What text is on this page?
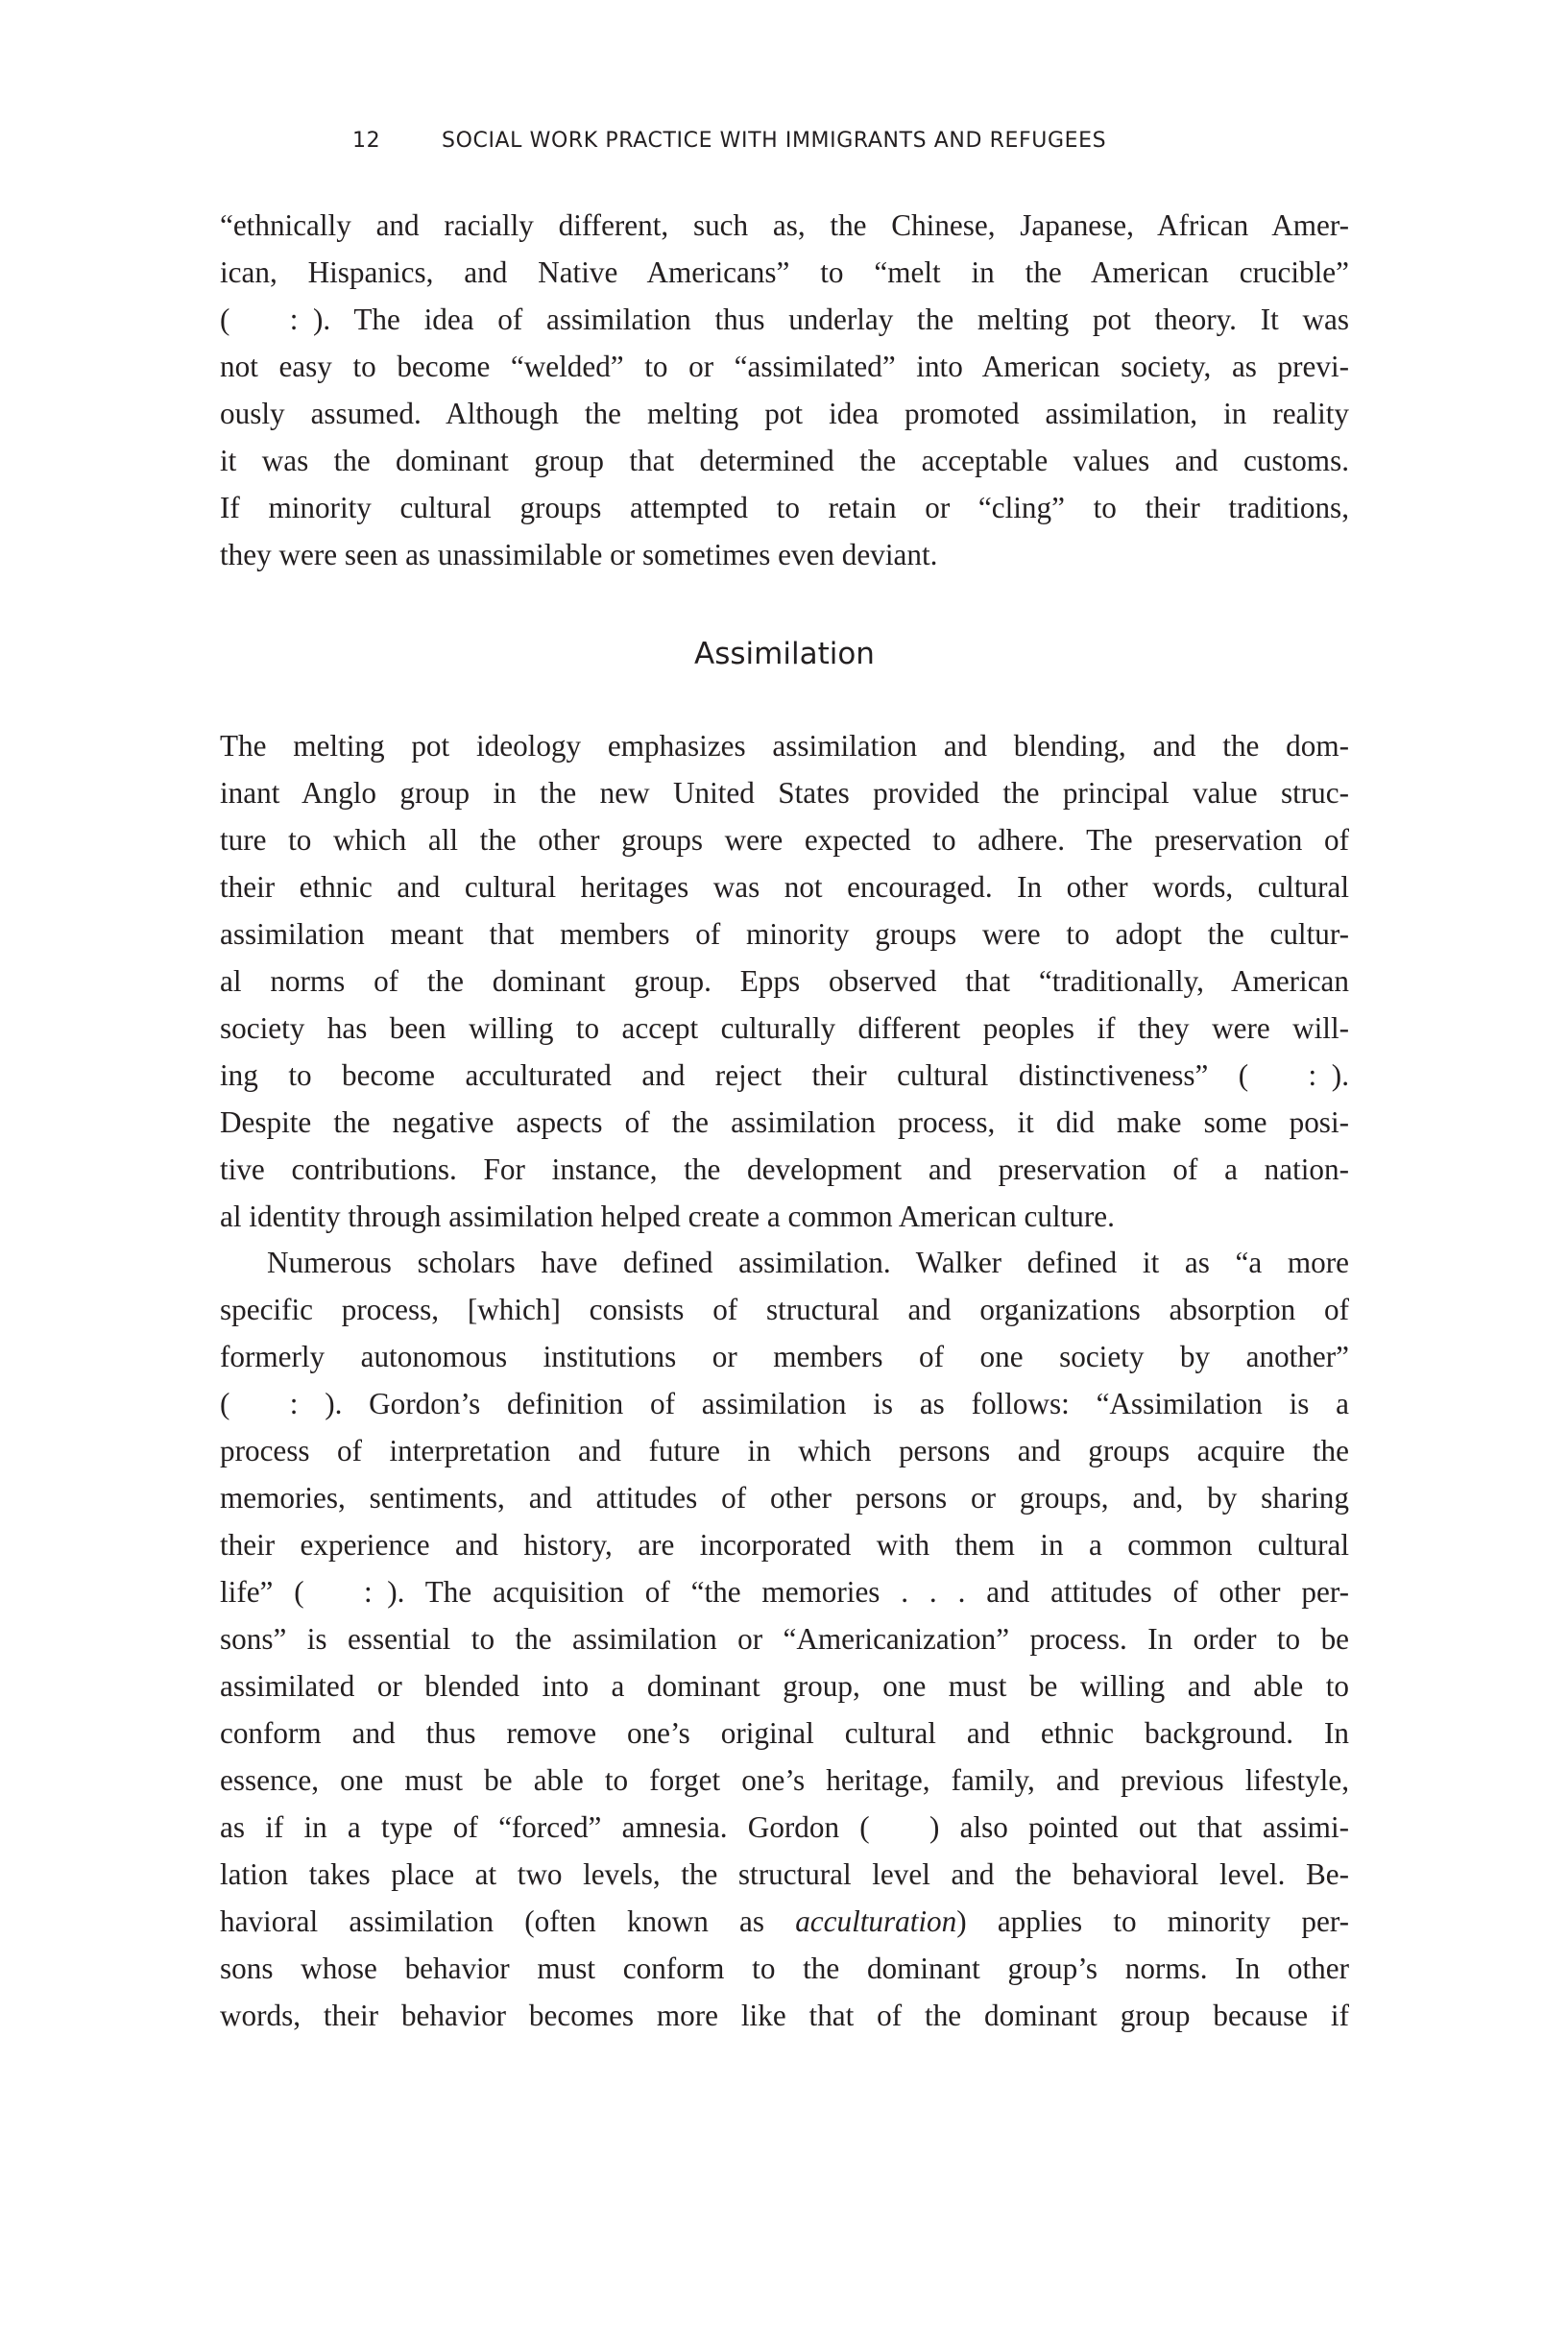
12	SOCIAL WORK PRACTICE WITH IMMIGRANTS AND REFUGEES
“ethnically and racially different, such as, the Chinese, Japanese, African Amer-
ican, Hispanics, and Native Americans” to “melt in the American crucible”
(  : ). The idea of assimilation thus underlay the melting pot theory. It was
not easy to become “welded” to or “assimilated” into American society, as previ-
ously assumed. Although the melting pot idea promoted assimilation, in reality
it was the dominant group that determined the acceptable values and customs.
If minority cultural groups attempted to retain or “cling” to their traditions,
they were seen as unassimilable or sometimes even deviant.
Assimilation
The melting pot ideology emphasizes assimilation and blending, and the dom-
inant Anglo group in the new United States provided the principal value struc-
ture to which all the other groups were expected to adhere. The preservation of
their ethnic and cultural heritages was not encouraged. In other words, cultural
assimilation meant that members of minority groups were to adopt the cultur-
al norms of the dominant group. Epps observed that “traditionally, American
society has been willing to accept culturally different peoples if they were will-
ing to become acculturated and reject their cultural distinctiveness” (  : ).
Despite the negative aspects of the assimilation process, it did make some posi-
tive contributions. For instance, the development and preservation of a nation-
al identity through assimilation helped create a common American culture.
Numerous scholars have defined assimilation. Walker defined it as “a more
specific process, [which] consists of structural and organizations absorption of
formerly autonomous institutions or members of one society by another”
(  : ). Gordon’s definition of assimilation is as follows: “Assimilation is a
process of interpretation and future in which persons and groups acquire the
memories, sentiments, and attitudes of other persons or groups, and, by sharing
their experience and history, are incorporated with them in a common cultural
life” (  : ). The acquisition of “the memories . . . and attitudes of other per-
sons” is essential to the assimilation or “Americanization” process. In order to be
assimilated or blended into a dominant group, one must be willing and able to
conform and thus remove one’s original cultural and ethnic background. In
essence, one must be able to forget one’s heritage, family, and previous lifestyle,
as if in a type of “forced” amnesia. Gordon (  ) also pointed out that assimi-
lation takes place at two levels, the structural level and the behavioral level. Be-
havioral assimilation (often known as acculturation) applies to minority per-
sons whose behavior must conform to the dominant group’s norms. In other
words, their behavior becomes more like that of the dominant group because if
